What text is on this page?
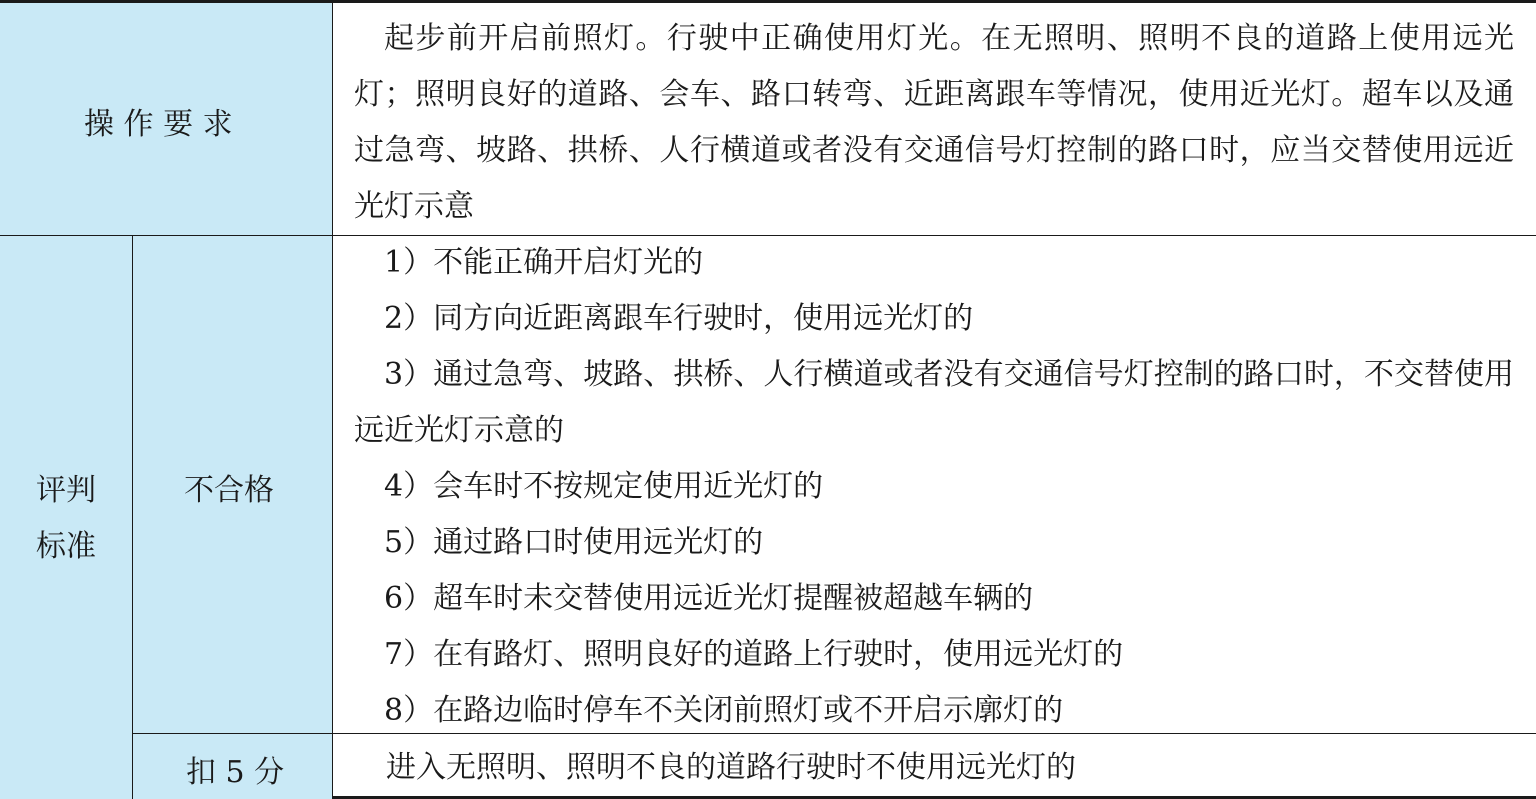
操 作 要 求
评判
标准
不合格
扣 5 分

起步前开启前照灯。行驶中正确使用灯光。在无照明、照明不良的道路上使用远光灯；照明良好的道路、会车、路口转弯、近距离跟车等情况，使用近光灯。超车以及通过急弯、坡路、拱桥、人行横道或者没有交通信号灯控制的路口时，应当交替使用远近光灯示意

1）不能正确开启灯光的
2）同方向近距离跟车行驶时，使用远光灯的
3）通过急弯、坡路、拱桥、人行横道或者没有交通信号灯控制的路口时，不交替使用远近光灯示意的
4）会车时不按规定使用近光灯的
5）通过路口时使用远光灯的
6）超车时未交替使用远近光灯提醒被超越车辆的
7）在有路灯、照明良好的道路上行驶时，使用远光灯的
8）在路边临时停车不关闭前照灯或不开启示廓灯的
进入无照明、照明不良的道路行驶时不使用远光灯的
